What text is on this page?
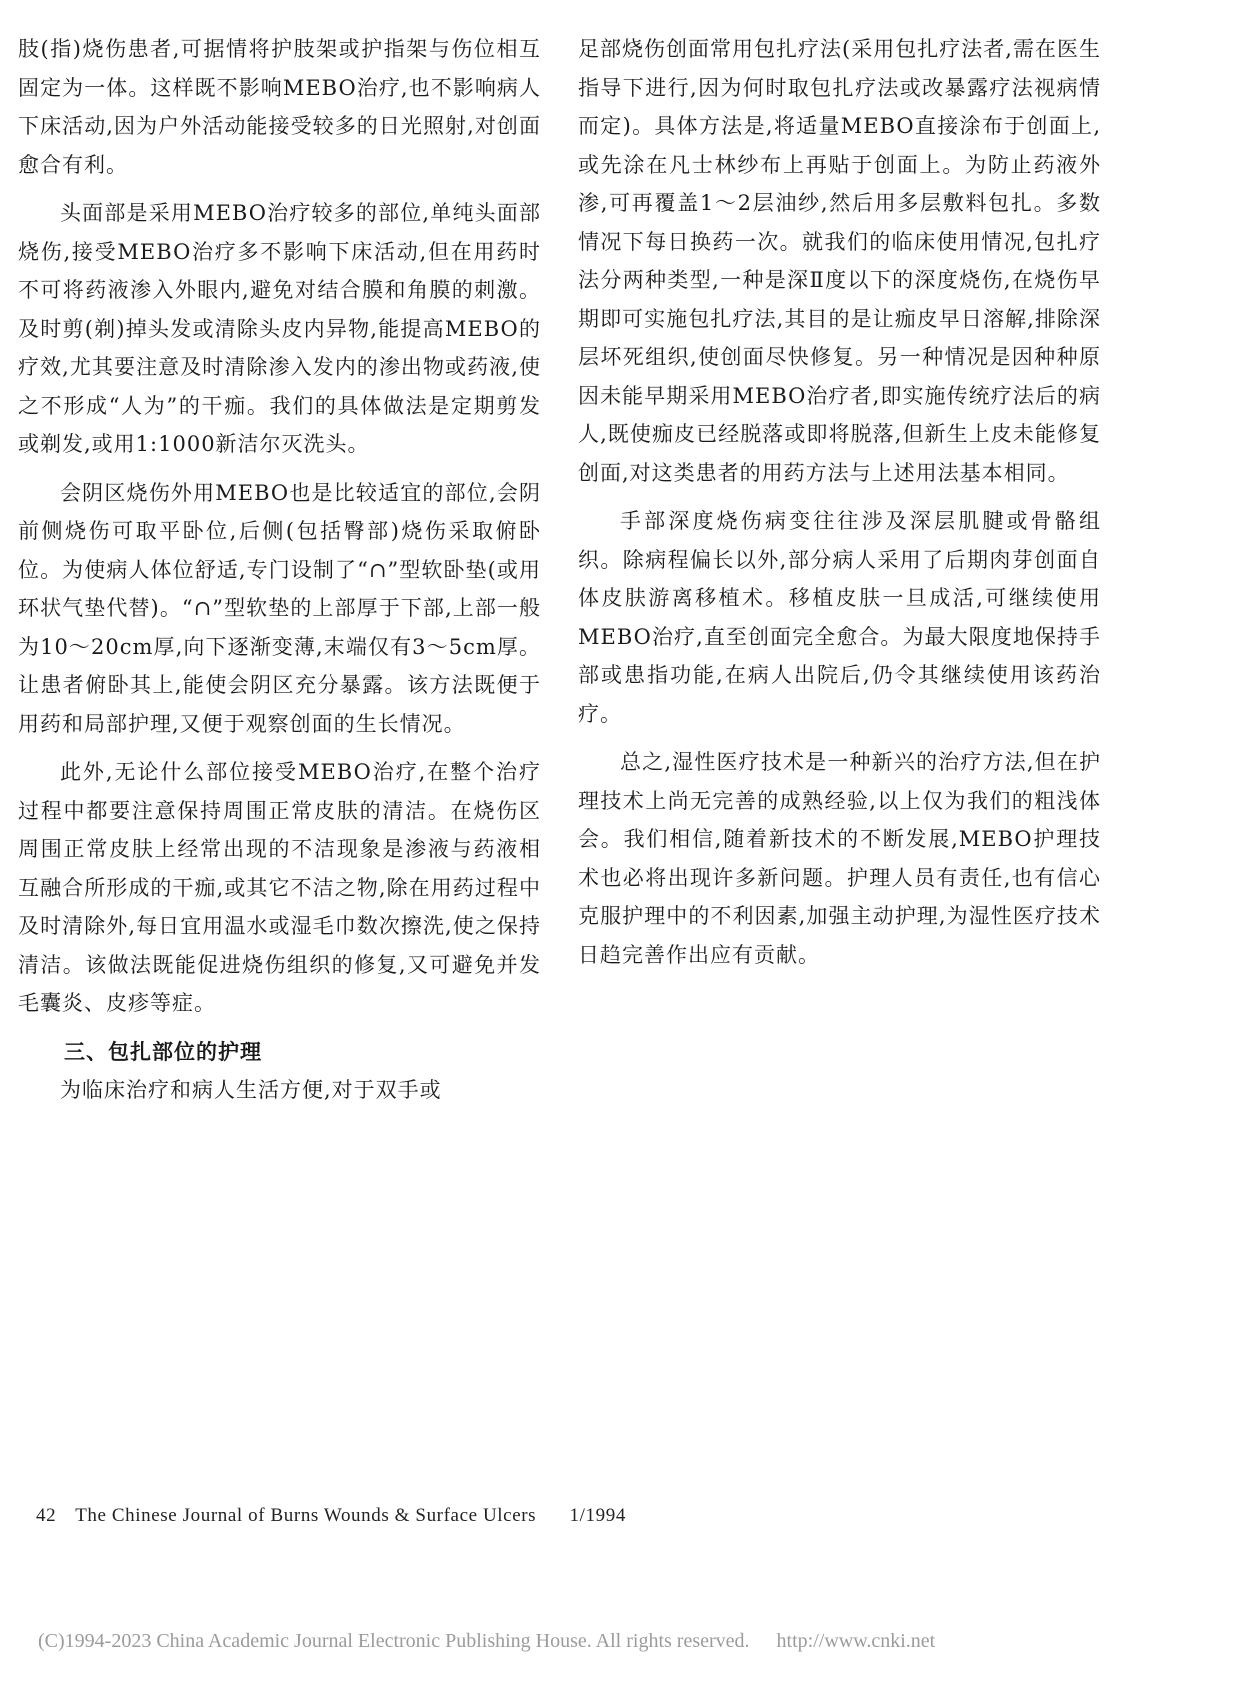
肢(指)烧伤患者,可据情将护肢架或护指架与伤位相互固定为一体。这样既不影响MEBO治疗,也不影响病人下床活动,因为户外活动能接受较多的日光照射,对创面愈合有利。

头面部是采用MEBO治疗较多的部位,单纯头面部烧伤,接受MEBO治疗多不影响下床活动,但在用药时不可将药液渗入外眼内,避免对结合膜和角膜的刺激。及时剪(剃)掉头发或清除头皮内异物,能提高MEBO的疗效,尤其要注意及时清除渗入发内的渗出物或药液,使之不形成“人为”的干痂。我们的具体做法是定期剪发或剃发,或用1:1000新洁尔灭洗头。

会阴区烧伤外用MEBO也是比较适宜的部位,会阴前侧烧伤可取平卧位,后侧(包括臀部)烧伤采取俯卧位。为使病人体位舒适,专门设制了“∩”型软卧垫(或用环状气垫代替)。“∩”型软垫的上部厚于下部,上部一般为10～20cm厚,向下逐渐变薄,末端仅有3～5cm厚。让患者俯卧其上,能使会阴区充分暴露。该方法既便于用药和局部护理,又便于观察创面的生长情况。

此外,无论什么部位接受MEBO治疗,在整个治疗过程中都要注意保持周围正常皮肤的清洁。在烧伤区周围正常皮肤上经常出现的不洁现象是渗液与药液相互融合所形成的干痂,或其它不洁之物,除在用药过程中及时清除外,每日宜用温水或湿毛巾数次擦洗,使之保持清洁。该做法既能促进烧伤组织的修复,又可避免并发毛囊炎、皮疹等症。

三、包扎部位的护理

为临床治疗和病人生活方便,对于双手或

足部烧伤创面常用包扎疗法(采用包扎疗法者,需在医生指导下进行,因为何时取包扎疗法或改暴露疗法视病情而定)。具体方法是,将适量MEBO直接涂布于创面上,或先涂在凡士林纱布上再贴于创面上。为防止药液外渗,可再覆盖1～2层油纱,然后用多层敷料包扎。多数情况下每日换药一次。就我们的临床使用情况,包扎疗法分两种类型,一种是深Ⅱ度以下的深度烧伤,在烧伤早期即可实施包扎疗法,其目的是让痂皮早日溶解,排除深层坏死组织,使创面尽快修复。另一种情况是因种种原因未能早期采用MEBO治疗者,即实施传统疗法后的病人,既使痂皮已经脱落或即将脱落,但新生上皮未能修复创面,对这类患者的用药方法与上述用法基本相同。

手部深度烧伤病变往往涉及深层肌腱或骨骼组织。除病程偏长以外,部分病人采用了后期肉芽创面自体皮肤游离移植术。移植皮肤一旦成活,可继续使用MEBO治疗,直至创面完全愈合。为最大限度地保持手部或患指功能,在病人出院后,仍令其继续使用该药治疗。

总之,湿性医疗技术是一种新兴的治疗方法,但在护理技术上尚无完善的成熟经验,以上仅为我们的粗浅体会。我们相信,随着新技术的不断发展,MEBO护理技术也必将出现许多新问题。护理人员有责任,也有信心克服护理中的不利因素,加强主动护理,为湿性医疗技术日趋完善作出应有贡献。

42 The Chinese Journal of Burns Wounds & Surface Ulcers 1/1994
(C)1994-2023 China Academic Journal Electronic Publishing House. All rights reserved. http://www.cnki.net
